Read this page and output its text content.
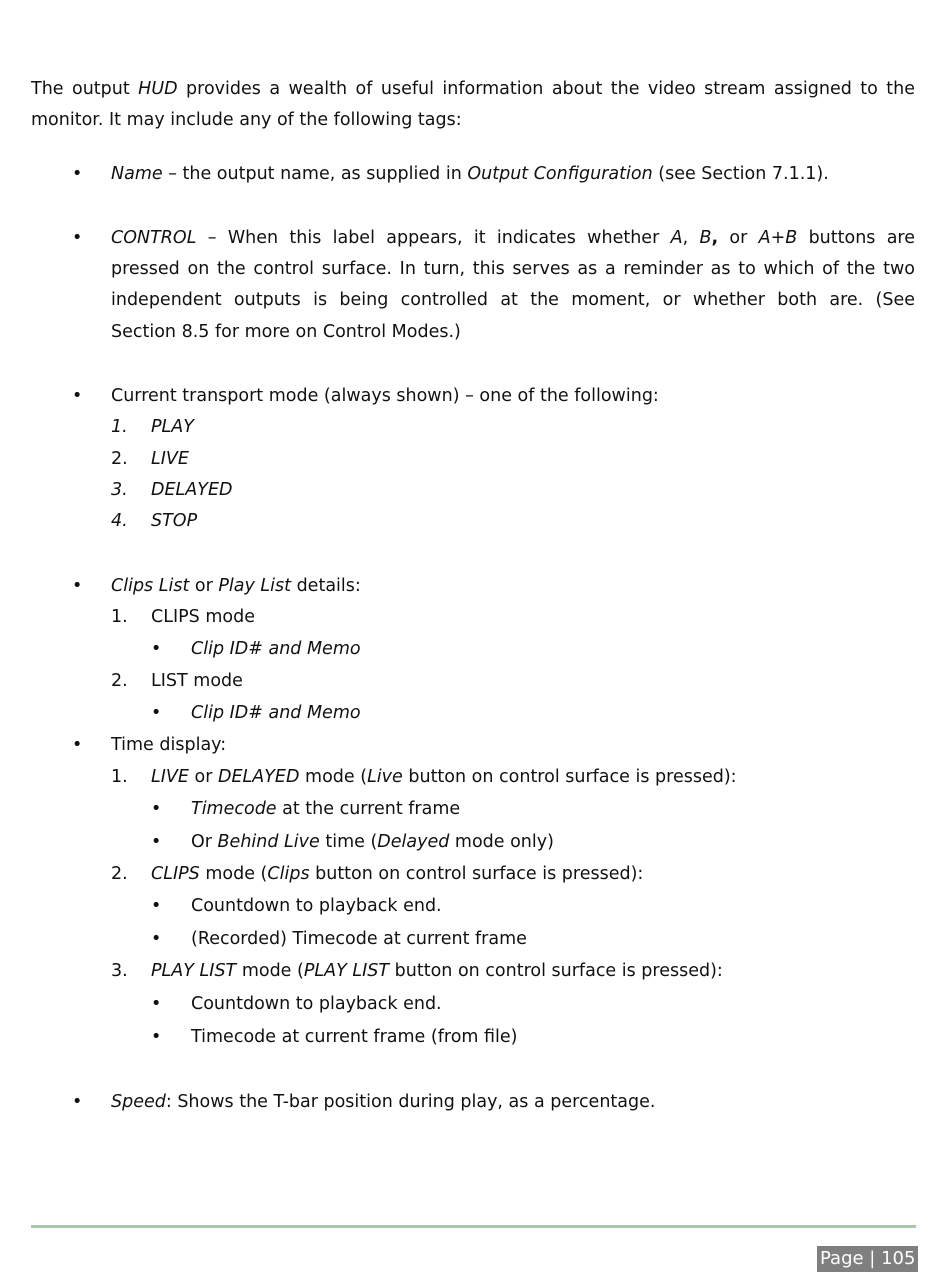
The output HUD provides a wealth of useful information about the video stream assigned to the
monitor. It may include any of the following tags:

•	Name – the output name, as supplied in Output Configuration (see Section 7.1.1).
•	CONTROL – When this label appears, it indicates whether A, B, or A+B buttons are
pressed on the control surface. In turn, this serves as a reminder as to which of the two
independent outputs is being controlled at the moment, or whether both are. (See
Section 8.5 for more on Control Modes.)
•	Current transport mode (always shown) – one of the following:
1. PLAY
2. LIVE
3. DELAYED
4. STOP
•	Clips List or Play List details:
1. CLIPS mode
• Clip ID# and Memo
2. LIST mode
• Clip ID# and Memo
•	Time display:
1. LIVE or DELAYED mode (Live button on control surface is pressed):
• Timecode at the current frame
• Or Behind Live time (Delayed mode only)
2. CLIPS mode (Clips button on control surface is pressed):
• Countdown to playback end.
• (Recorded) Timecode at current frame
3. PLAY LIST mode (PLAY LIST button on control surface is pressed):
• Countdown to playback end.
• Timecode at current frame (from file)
•	Speed: Shows the T-bar position during play, as a percentage.
Page | 105
